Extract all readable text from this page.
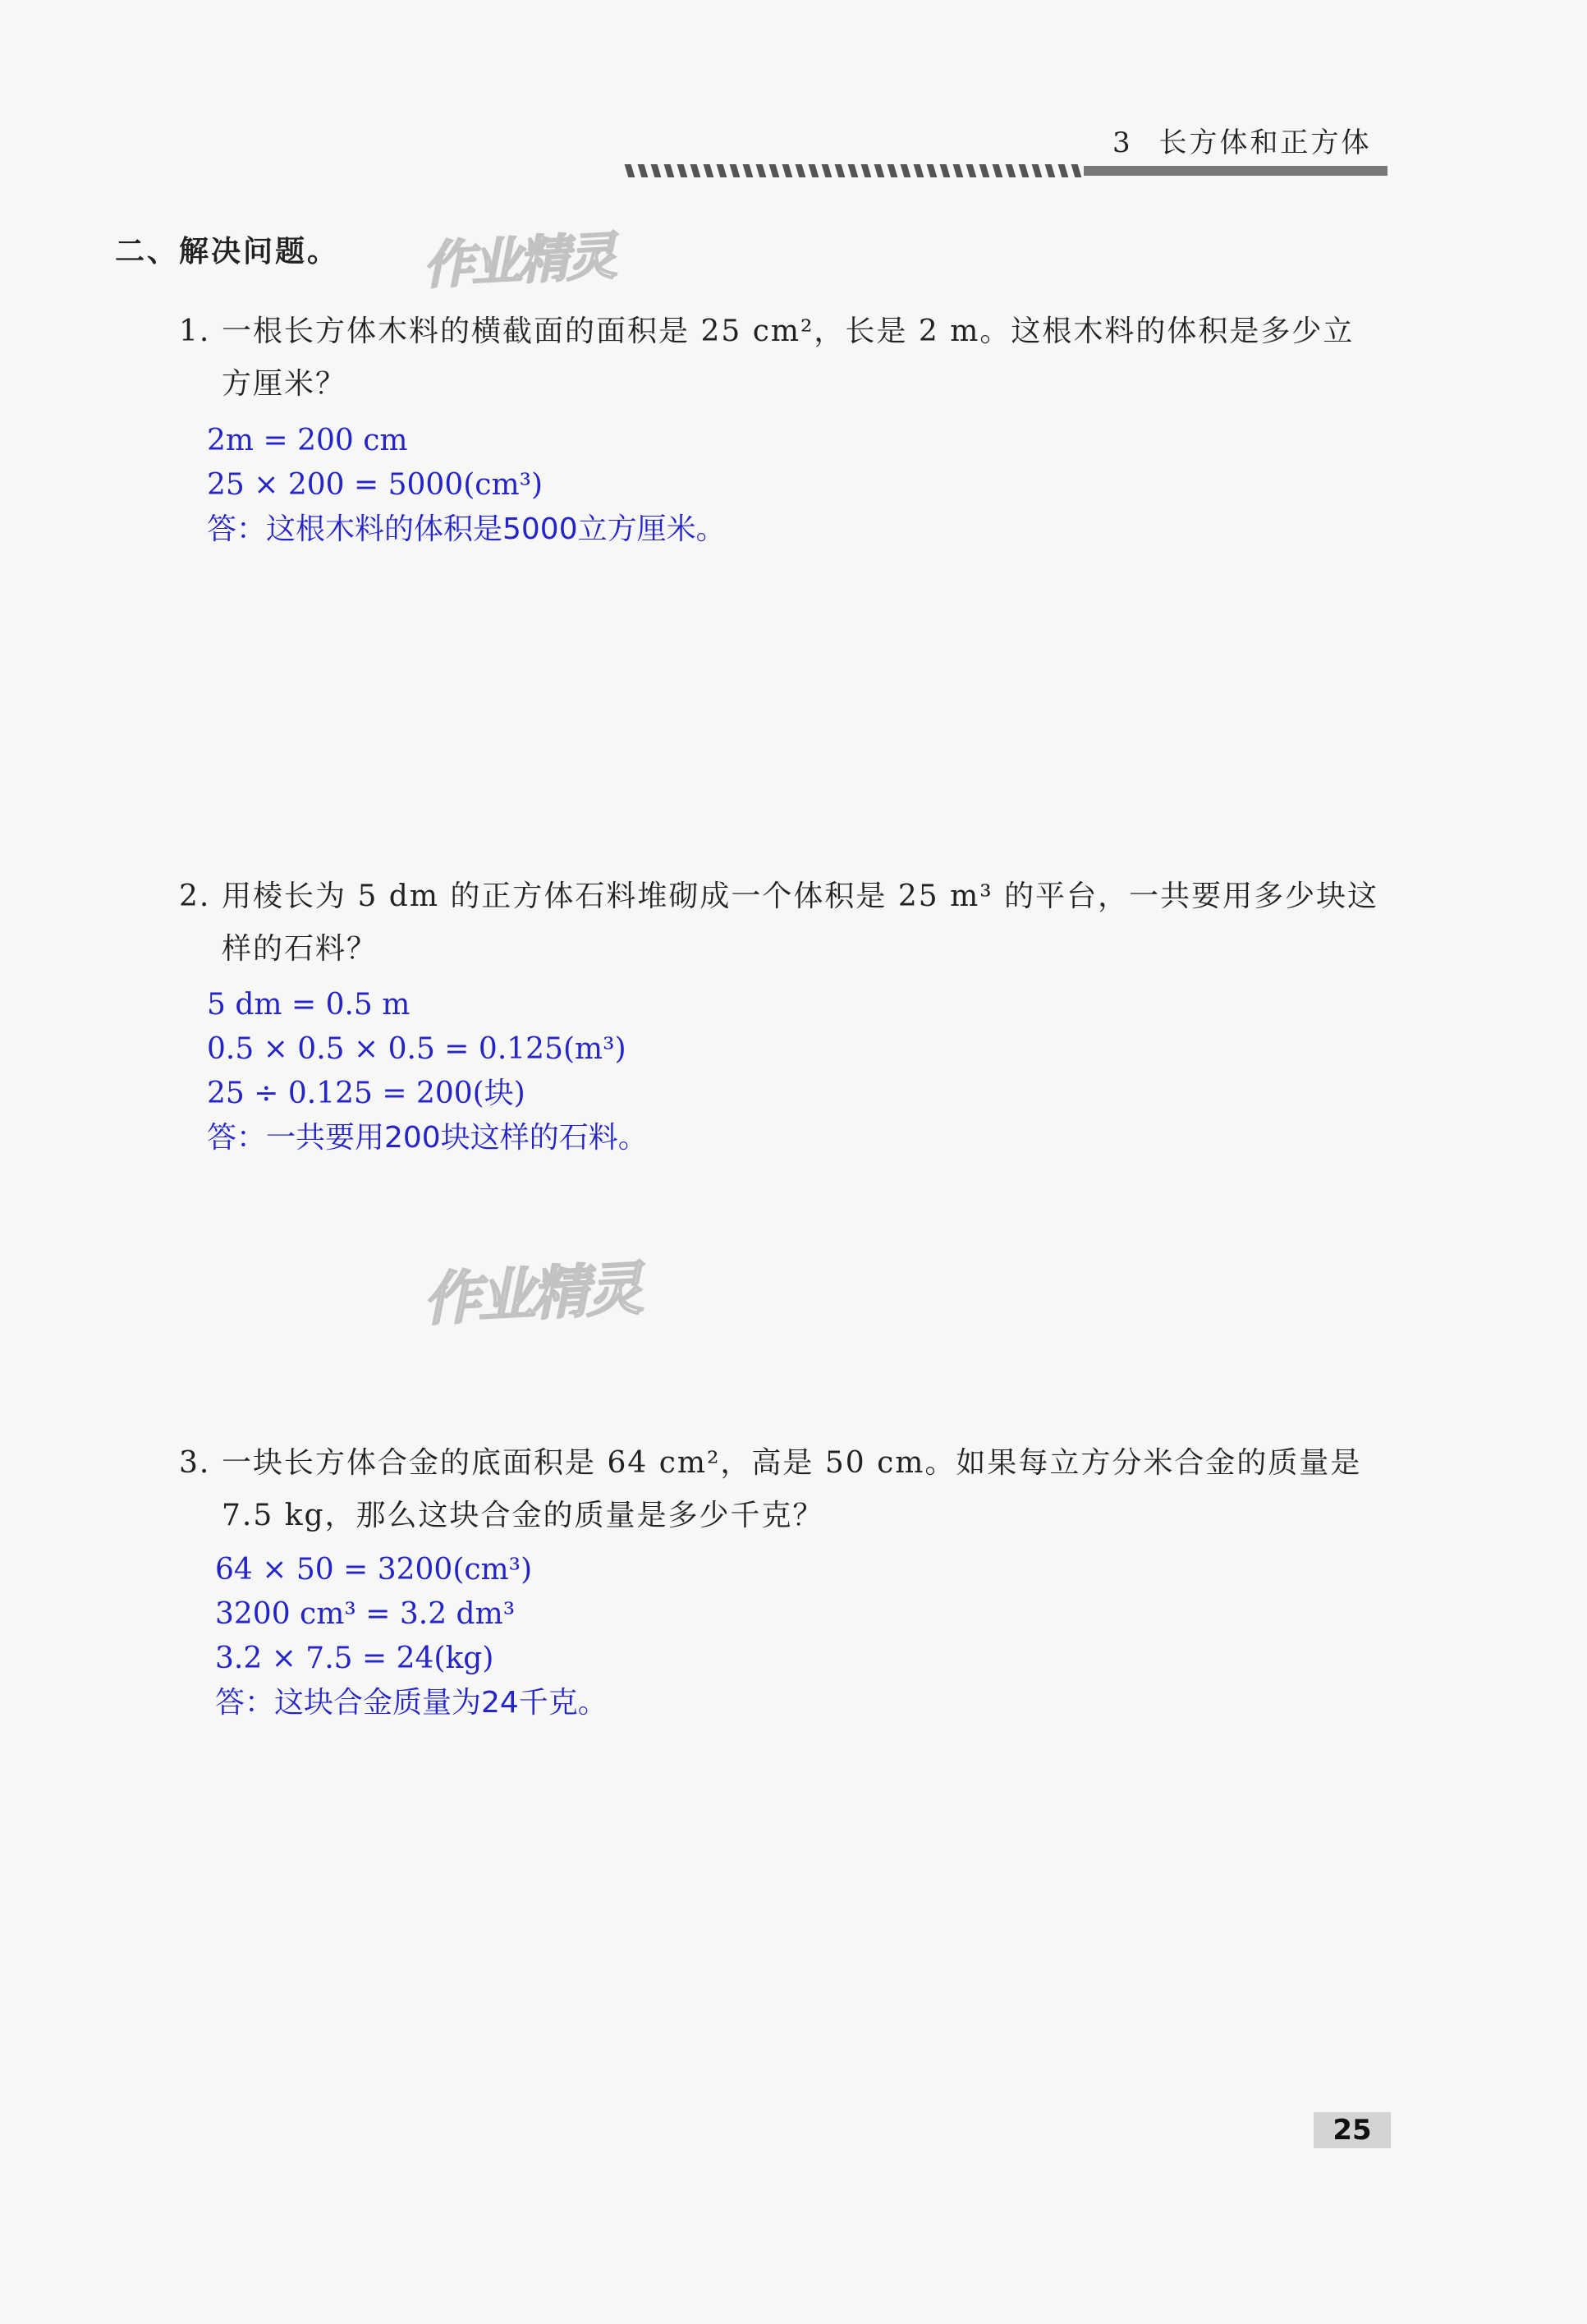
3 长方体和正方体
二、解决问题。 作业精灵
作业精灵
1. 一根长方体木料的横截面的面积是 25 cm²，长是 2 m。这根木料的体积是多少立
方厘米？
2m = 200 cm
25 × 200 = 5000(cm³)
答：这根木料的体积是5000立方厘米。
2. 用棱长为 5 dm 的正方体石料堆砌成一个体积是 25 m³ 的平台，一共要用多少块这
样的石料？
5 dm = 0.5 m
0.5 × 0.5 × 0.5 = 0.125(m³)
25 ÷ 0.125 = 200(块)
答：一共要用200块这样的石料。
3. 一块长方体合金的底面积是 64 cm²，高是 50 cm。如果每立方分米合金的质量是
7.5 kg，那么这块合金的质量是多少千克？
64 × 50 = 3200(cm³)
3200 cm³ = 3.2 dm³
3.2 × 7.5 = 24(kg)
答：这块合金质量为24千克。
25
